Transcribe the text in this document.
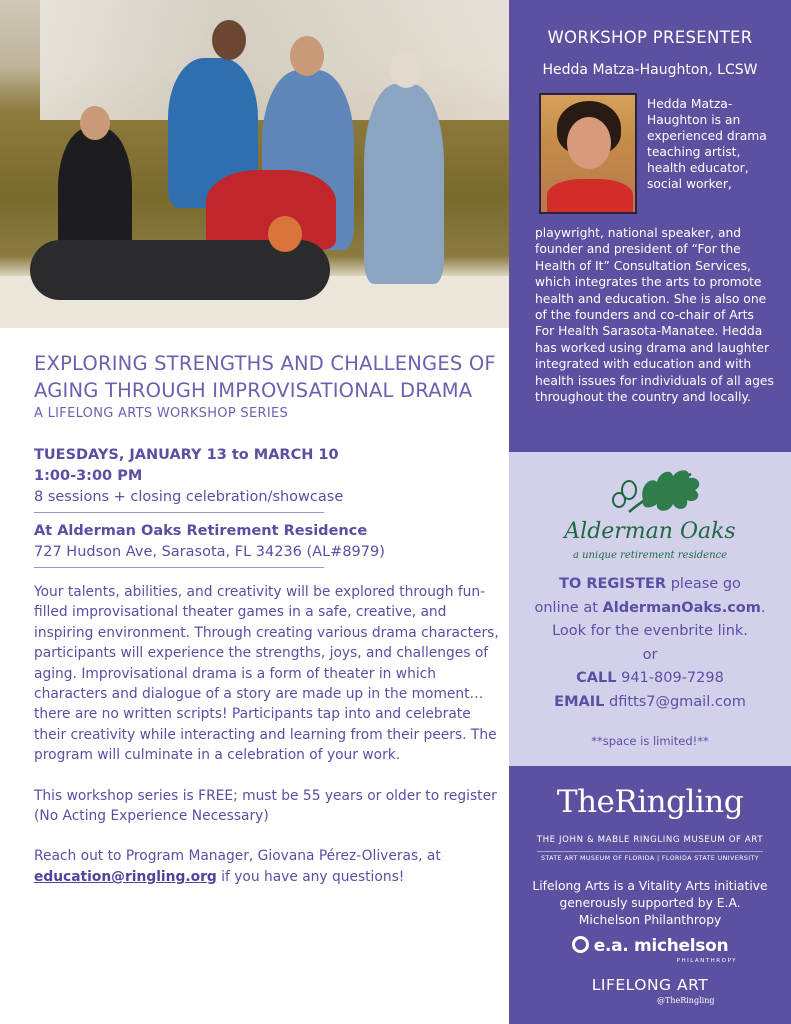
EXPLORING STRENGTHS AND CHALLENGES OF AGING THROUGH IMPROVISATIONAL DRAMA
A LIFELONG ARTS WORKSHOP SERIES
TUESDAYS, JANUARY 13 to MARCH 10
1:00-3:00 PM
8 sessions + closing celebration/showcase
At Alderman Oaks Retirement Residence
727 Hudson Ave, Sarasota, FL 34236 (AL#8979)

Your talents, abilities, and creativity will be explored through fun-filled improvisational theater games in a safe, creative, and inspiring environment. Through creating various drama characters, participants will experience the strengths, joys, and challenges of aging. Improvisational drama is a form of theater in which characters and dialogue of a story are made up in the moment… there are no written scripts! Participants tap into and celebrate their creativity while interacting and learning from their peers. The program will culminate in a celebration of your work.

This workshop series is FREE; must be 55 years or older to register
(No Acting Experience Necessary)

Reach out to Program Manager, Giovana Pérez-Oliveras, at education@ringling.org if you have any questions!

WORKSHOP PRESENTER
Hedda Matza-Haughton, LCSW
Hedda Matza-Haughton is an experienced drama teaching artist, health educator, social worker,
playwright, national speaker, and founder and president of “For the Health of It” Consultation Services, which integrates the arts to promote health and education. She is also one of the founders and co-chair of Arts For Health Sarasota-Manatee. Hedda has worked using drama and laughter integrated with education and with health issues for individuals of all ages throughout the country and locally.
Alderman Oaks
a unique retirement residence
TO REGISTER please go
online at AldermanOaks.com.
Look for the evenbrite link.
or
CALL 941-809-7298
EMAIL dfitts7@gmail.com
**space is limited!**
TheRingling
THE JOHN & MABLE RINGLING MUSEUM OF ART
STATE ART MUSEUM OF FLORIDA | FLORIDA STATE UNIVERSITY
Lifelong Arts is a Vitality Arts initiative generously supported by E.A. Michelson Philanthropy
e.a. michelson
PHILANTHROPY
LIFELONG ART
@TheRingling
